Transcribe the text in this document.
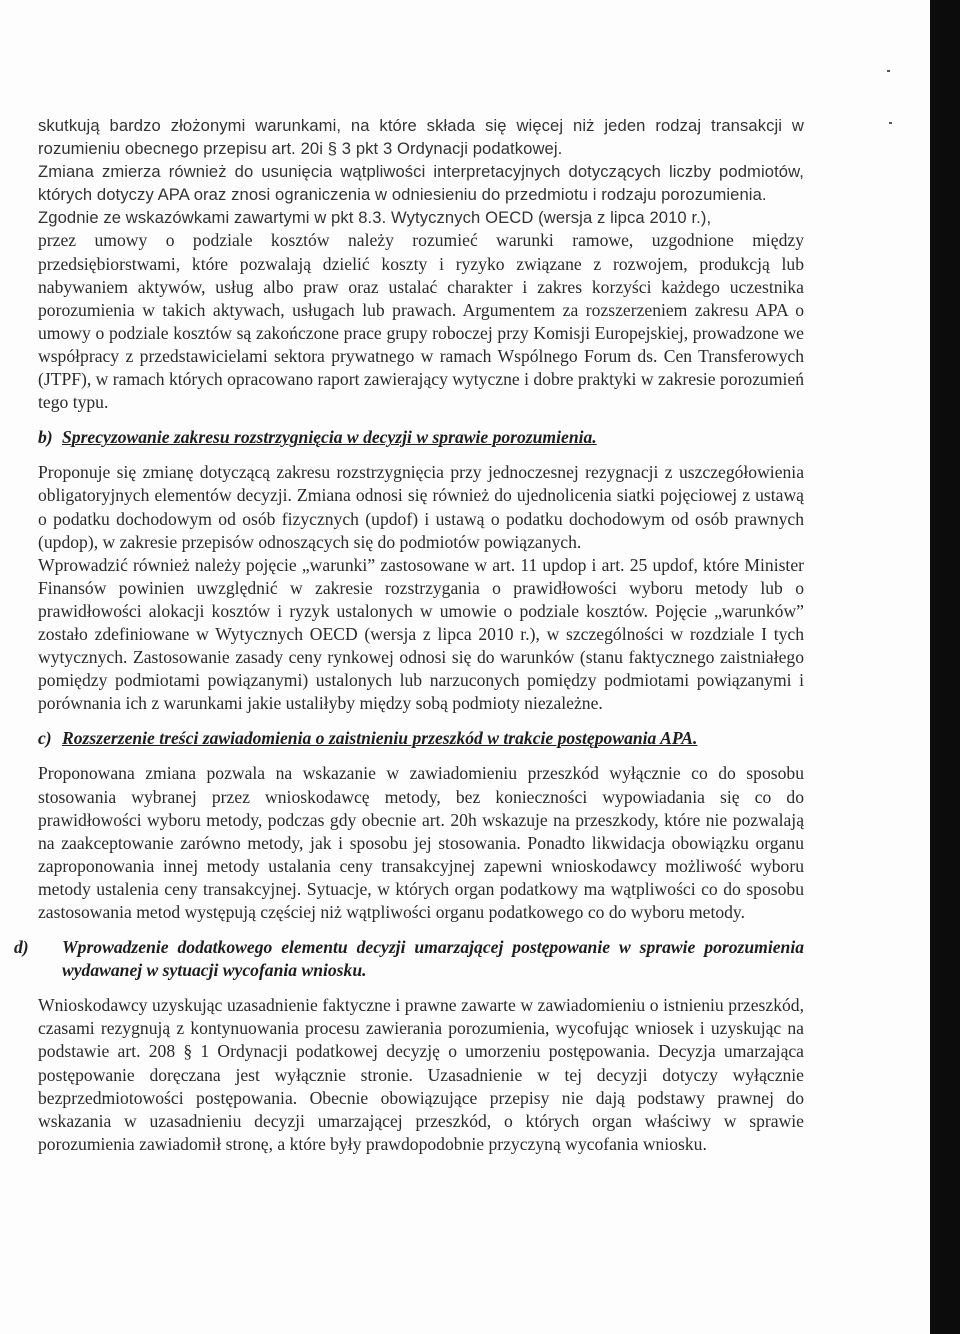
skutkują bardzo złożonymi warunkami, na które składa się więcej niż jeden rodzaj transakcji w rozumieniu obecnego przepisu art. 20i § 3 pkt 3 Ordynacji podatkowej.

Zmiana zmierza również do usunięcia wątpliwości interpretacyjnych dotyczących liczby podmiotów, których dotyczy APA oraz znosi ograniczenia w odniesieniu do przedmiotu i rodzaju porozumienia.

Zgodnie ze wskazówkami zawartymi w pkt 8.3. Wytycznych OECD (wersja z lipca 2010 r.),

przez umowy o podziale kosztów należy rozumieć warunki ramowe, uzgodnione między przedsiębiorstwami, które pozwalają dzielić koszty i ryzyko związane z rozwojem, produkcją lub nabywaniem aktywów, usług albo praw oraz ustalać charakter i zakres korzyści każdego uczestnika porozumienia w takich aktywach, usługach lub prawach. Argumentem za rozszerzeniem zakresu APA o umowy o podziale kosztów są zakończone prace grupy roboczej przy Komisji Europejskiej, prowadzone we współpracy z przedstawicielami sektora prywatnego w ramach Wspólnego Forum ds. Cen Transferowych (JTPF), w ramach których opracowano raport zawierający wytyczne i dobre praktyki w zakresie porozumień tego typu.

b) Sprecyzowanie zakresu rozstrzygnięcia w decyzji w sprawie porozumienia.

Proponuje się zmianę dotyczącą zakresu rozstrzygnięcia przy jednoczesnej rezygnacji z uszczegółowienia obligatoryjnych elementów decyzji. Zmiana odnosi się również do ujednolicenia siatki pojęciowej z ustawą o podatku dochodowym od osób fizycznych (updof) i ustawą o podatku dochodowym od osób prawnych (updop), w zakresie przepisów odnoszących się do podmiotów powiązanych.

Wprowadzić również należy pojęcie „warunki” zastosowane w art. 11 updop i art. 25 updof, które Minister Finansów powinien uwzględnić w zakresie rozstrzygania o prawidłowości wyboru metody lub o prawidłowości alokacji kosztów i ryzyk ustalonych w umowie o podziale kosztów. Pojęcie „warunków” zostało zdefiniowane w Wytycznych OECD (wersja z lipca 2010 r.), w szczególności w rozdziale I tych wytycznych. Zastosowanie zasady ceny rynkowej odnosi się do warunków (stanu faktycznego zaistniałego pomiędzy podmiotami powiązanymi) ustalonych lub narzuconych pomiędzy podmiotami powiązanymi i porównania ich z warunkami jakie ustaliłyby między sobą podmioty niezależne.

c) Rozszerzenie treści zawiadomienia o zaistnieniu przeszkód w trakcie postępowania APA.

Proponowana zmiana pozwala na wskazanie w zawiadomieniu przeszkód wyłącznie co do sposobu stosowania wybranej przez wnioskodawcę metody, bez konieczności wypowiadania się co do prawidłowości wyboru metody, podczas gdy obecnie art. 20h wskazuje na przeszkody, które nie pozwalają na zaakceptowanie zarówno metody, jak i sposobu jej stosowania. Ponadto likwidacja obowiązku organu zaproponowania innej metody ustalania ceny transakcyjnej zapewni wnioskodawcy możliwość wyboru metody ustalenia ceny transakcyjnej. Sytuacje, w których organ podatkowy ma wątpliwości co do sposobu zastosowania metod występują częściej niż wątpliwości organu podatkowego co do wyboru metody.

d) Wprowadzenie dodatkowego elementu decyzji umarzającej postępowanie w sprawie porozumienia wydawanej w sytuacji wycofania wniosku.

Wnioskodawcy uzyskując uzasadnienie faktyczne i prawne zawarte w zawiadomieniu o istnieniu przeszkód, czasami rezygnują z kontynuowania procesu zawierania porozumienia, wycofując wniosek i uzyskując na podstawie art. 208 § 1 Ordynacji podatkowej decyzję o umorzeniu postępowania. Decyzja umarzająca postępowanie doręczana jest wyłącznie stronie. Uzasadnienie w tej decyzji dotyczy wyłącznie bezprzedmiotowości postępowania. Obecnie obowiązujące przepisy nie dają podstawy prawnej do wskazania w uzasadnieniu decyzji umarzającej przeszkód, o których organ właściwy w sprawie porozumienia zawiadomił stronę, a które były prawdopodobnie przyczyną wycofania wniosku.
